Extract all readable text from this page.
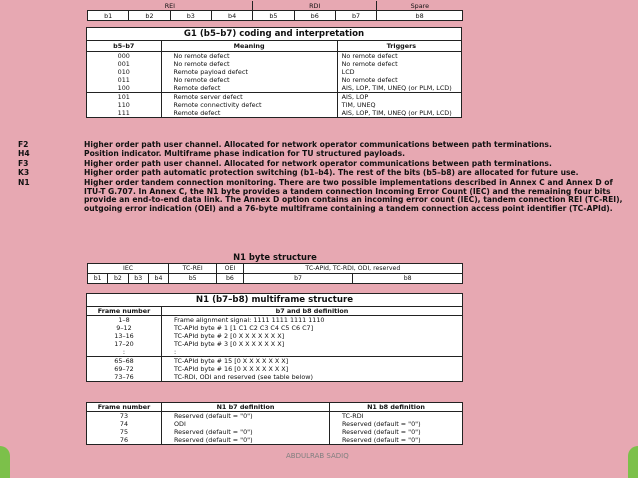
REI				RDI			Spare
b1	b2	b3	b4	b5	b6	b7	b8
G1 (b5–b7) coding and interpretation		
b5–b7	Meaning	Triggers
000	No remote defect	No remote defect
001	No remote defect	No remote defect
010	Remote payload defect	LCD
011	No remote defect	No remote defect
100	Remote defect	AIS, LOP, TIM, UNEQ (or PLM, LCD)
101	Remote server defect	AIS, LOP
110	Remote connectivity defect	TIM, UNEQ
111	Remote defect	AIS, LOP, TIM, UNEQ (or PLM, LCD)
F2	Higher order path user channel. Allocated for network operator communications between path terminations.
H4	Position indicator. Multiframe phase indication for TU structured payloads.
F3	Higher order path user channel. Allocated for network operator communications between path terminations.
K3	Higher order path automatic protection switching (b1–b4). The rest of the bits (b5–b8) are allocated for future use.
N1	Higher order tandem connection monitoring. There are two possible implementations described in Annex C and Annex D of ITU-T G.707. In Annex C, the N1 byte provides a tandem connection Incoming Error Count (IEC) and the remaining four bits provide an end-to-end data link. The Annex D option contains an incoming error count (IEC), tandem connection REI (TC-REI), outgoing error indication (OEI) and a 76-byte multiframe containing a tandem connection access point identifier (TC-APId).
N1 byte structure
IEC				TC-REI	OEI	TC-APId, TC-RDI, ODI, reserved	
b1	b2	b3	b4	b5	b6	b7	b8
N1 (b7–b8) multiframe structure	
Frame number	b7 and b8 definition
1–8	Frame alignment signal: 1111 1111 1111 1110
9–12	TC-APId byte # 1 [1 C1 C2 C3 C4 C5 C6 C7]
13–16	TC-APId byte # 2 [0 X X X X X X X]
17–20	TC-APId byte # 3 [0 X X X X X X X]
:	:
65–68	TC-APId byte # 15 [0 X X X X X X X]
69–72	TC-APId byte # 16 [0 X X X X X X X]
73–76	TC-RDI, ODI and reserved (see table below)
Frame number	N1 b7 definition	N1 b8 definition
73	Reserved (default = "0")	TC-RDI
74	ODI	Reserved (default = "0")
75	Reserved (default = "0")	Reserved (default = "0")
76	Reserved (default = "0")	Reserved (default = "0")
ABDULRAB SADIQ
